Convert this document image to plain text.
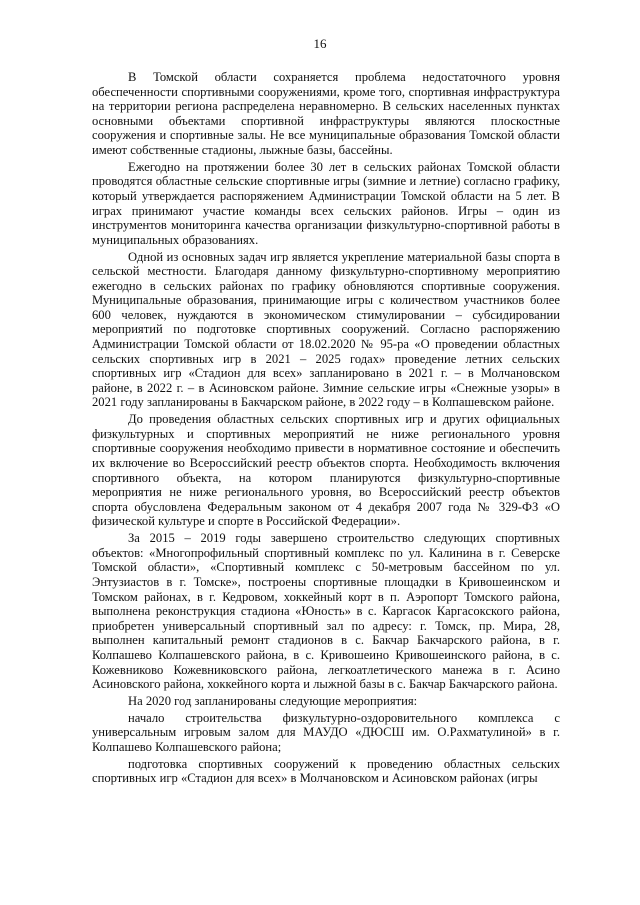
16

В Томской области сохраняется проблема недостаточного уровня обеспеченности спортивными сооружениями, кроме того, спортивная инфраструктура на территории региона распределена неравномерно. В сельских населенных пунктах основными объектами спортивной инфраструктуры являются плоскостные сооружения и спортивные залы. Не все муниципальные образования Томской области имеют собственные стадионы, лыжные базы, бассейны.

Ежегодно на протяжении более 30 лет в сельских районах Томской области проводятся областные сельские спортивные игры (зимние и летние) согласно графику, который утверждается распоряжением Администрации Томской области на 5 лет. В играх принимают участие команды всех сельских районов. Игры – один из инструментов мониторинга качества организации физкультурно-спортивной работы в муниципальных образованиях.

Одной из основных задач игр является укрепление материальной базы спорта в сельской местности. Благодаря данному физкультурно-спортивному мероприятию ежегодно в сельских районах по графику обновляются спортивные сооружения. Муниципальные образования, принимающие игры с количеством участников более 600 человек, нуждаются в экономическом стимулировании – субсидировании мероприятий по подготовке спортивных сооружений. Согласно распоряжению Администрации Томской области от 18.02.2020 № 95-ра «О проведении областных сельских спортивных игр в 2021 – 2025 годах» проведение летних сельских спортивных игр «Стадион для всех» запланировано в 2021 г. – в Молчановском районе, в 2022 г. – в Асиновском районе. Зимние сельские игры «Снежные узоры» в 2021 году запланированы в Бакчарском районе, в 2022 году – в Колпашевском районе.

До проведения областных сельских спортивных игр и других официальных физкультурных и спортивных мероприятий не ниже регионального уровня спортивные сооружения необходимо привести в нормативное состояние и обеспечить их включение во Всероссийский реестр объектов спорта. Необходимость включения спортивного объекта, на котором планируются физкультурно-спортивные мероприятия не ниже регионального уровня, во Всероссийский реестр объектов спорта обусловлена Федеральным законом от 4 декабря 2007 года № 329-ФЗ «О физической культуре и спорте в Российской Федерации».

За 2015 – 2019 годы завершено строительство следующих спортивных объектов: «Многопрофильный спортивный комплекс по ул. Калинина в г. Северске Томской области», «Спортивный комплекс с 50-метровым бассейном по ул. Энтузиастов в г. Томске», построены спортивные площадки в Кривошеинском и Томском районах, в г. Кедровом, хоккейный корт в п. Аэропорт Томского района, выполнена реконструкция стадиона «Юность» в с. Каргасок Каргасокского района, приобретен универсальный спортивный зал по адресу: г. Томск, пр. Мира, 28, выполнен капитальный ремонт стадионов в с. Бакчар Бакчарского района, в г. Колпашево Колпашевского района, в с. Кривошеино Кривошеинского района, в с. Кожевниково Кожевниковского района, легкоатлетического манежа в г. Асино Асиновского района, хоккейного корта и лыжной базы в с. Бакчар Бакчарского района.

На 2020 год запланированы следующие мероприятия:

начало строительства физкультурно-оздоровительного комплекса с универсальным игровым залом для МАУДО «ДЮСШ им. О.Рахматулиной» в г. Колпашево Колпашевского района;

подготовка спортивных сооружений к проведению областных сельских спортивных игр «Стадион для всех» в Молчановском и Асиновском районах (игры
